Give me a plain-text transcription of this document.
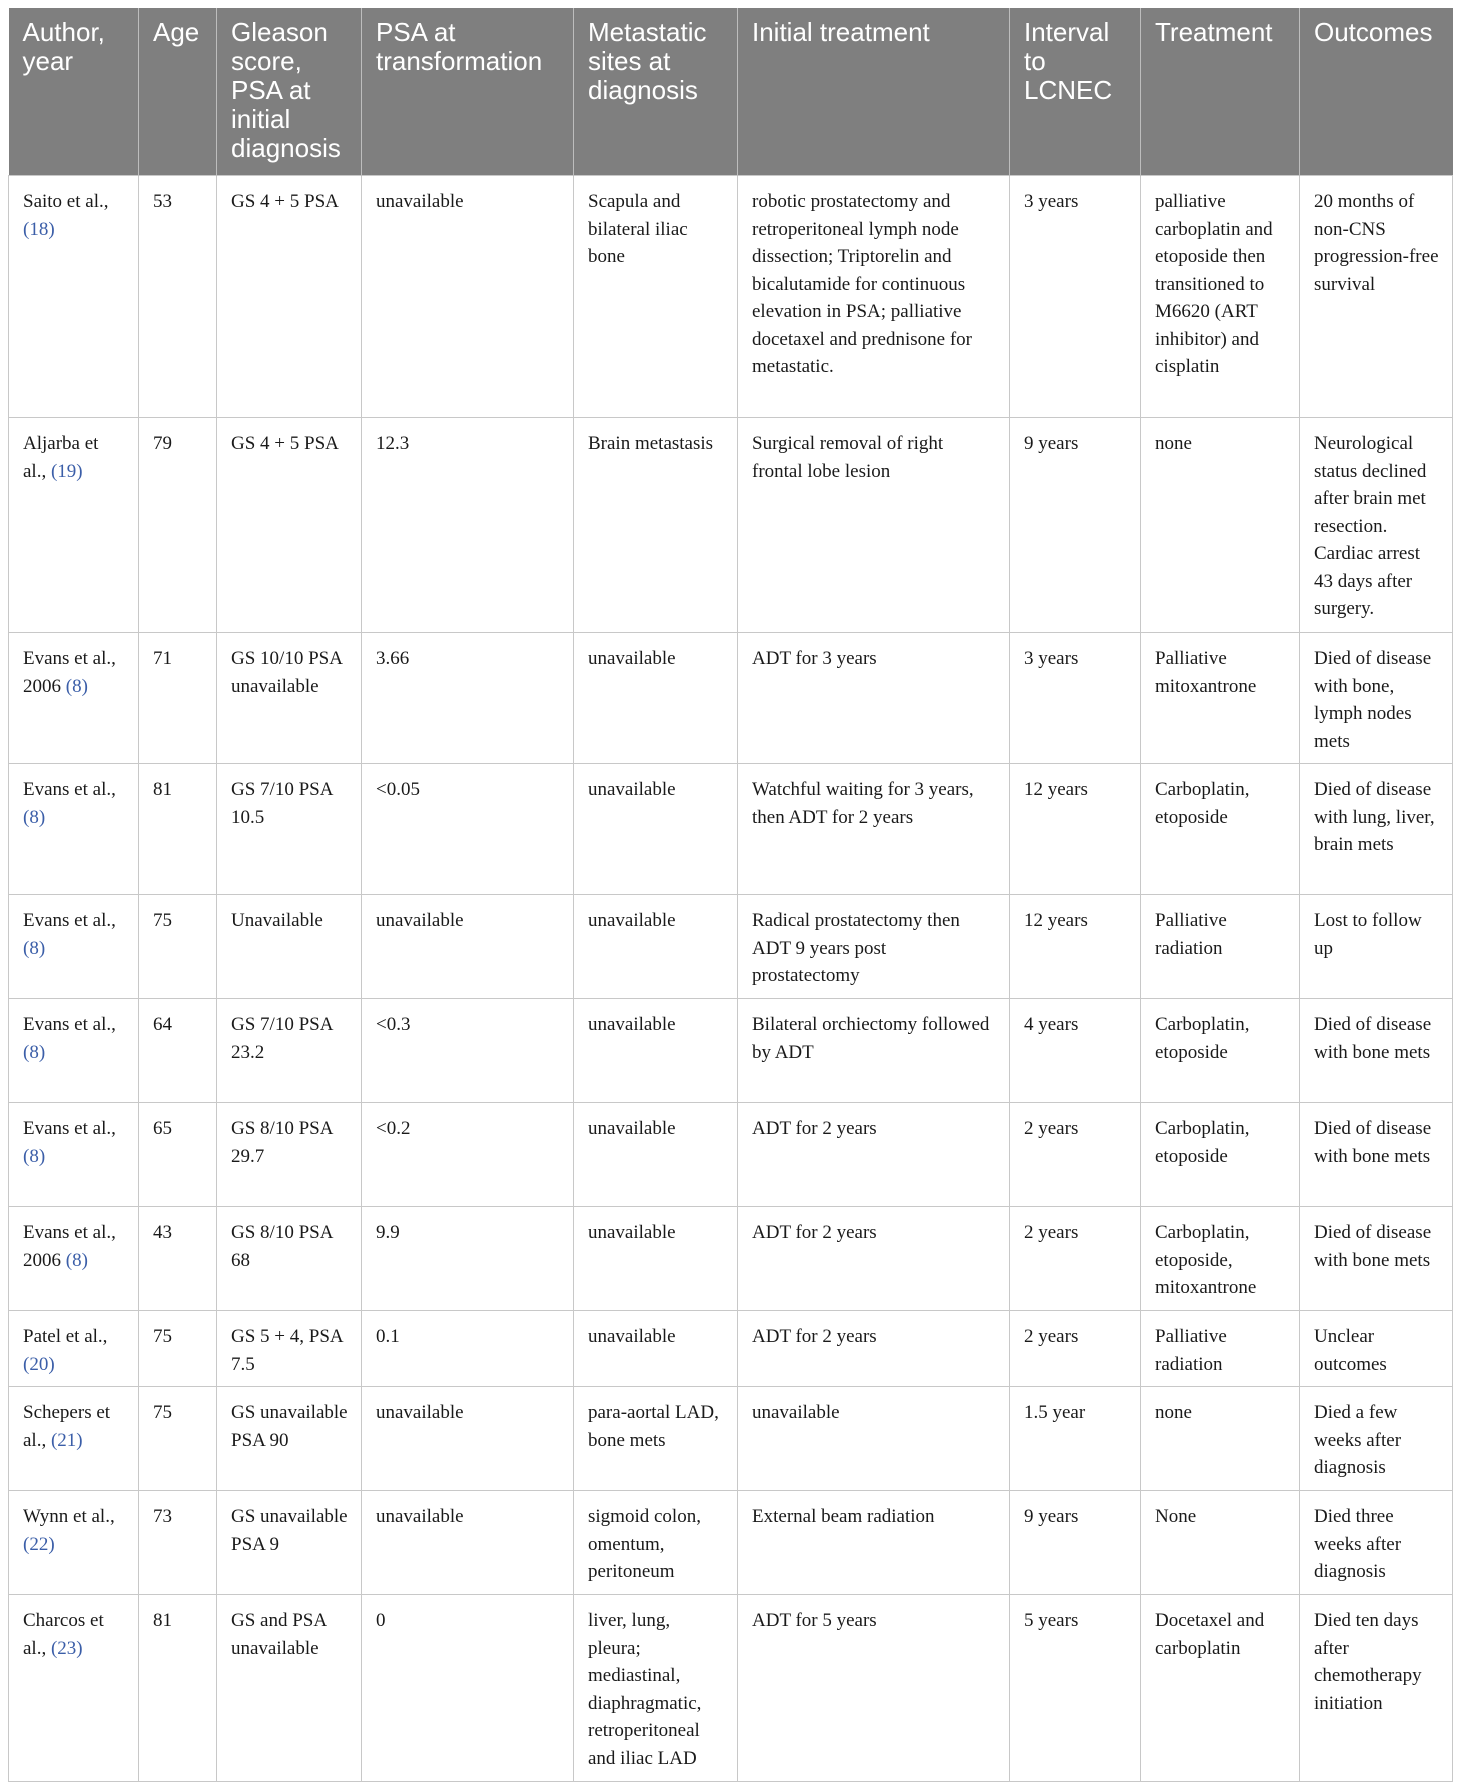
Author, year	Age	Gleason score, PSA at initial diagnosis	PSA at transformation	Metastatic sites at diagnosis	Initial treatment	Interval to LCNEC	Treatment	Outcomes
Saito et al., (18)	53	GS 4 + 5 PSA	unavailable	Scapula and bilateral iliac bone	robotic prostatectomy and retroperitoneal lymph node dissection; Triptorelin and bicalutamide for continuous elevation in PSA; palliative docetaxel and prednisone for metastatic.	3 years	palliative carboplatin and etoposide then transitioned to M6620 (ART inhibitor) and cisplatin	20 months of non-CNS progression-free survival
Aljarba et al., (19)	79	GS 4 + 5 PSA	12.3	Brain metastasis	Surgical removal of right frontal lobe lesion	9 years	none	Neurological status declined after brain met resection. Cardiac arrest 43 days after surgery.
Evans et al., 2006 (8)	71	GS 10/10 PSA unavailable	3.66	unavailable	ADT for 3 years	3 years	Palliative mitoxantrone	Died of disease with bone, lymph nodes mets
Evans et al., (8)	81	GS 7/10 PSA 10.5	<0.05	unavailable	Watchful waiting for 3 years, then ADT for 2 years	12 years	Carboplatin, etoposide	Died of disease with lung, liver, brain mets
Evans et al., (8)	75	Unavailable	unavailable	unavailable	Radical prostatectomy then ADT 9 years post prostatectomy	12 years	Palliative radiation	Lost to follow up
Evans et al., (8)	64	GS 7/10 PSA 23.2	<0.3	unavailable	Bilateral orchiectomy followed by ADT	4 years	Carboplatin, etoposide	Died of disease with bone mets
Evans et al., (8)	65	GS 8/10 PSA 29.7	<0.2	unavailable	ADT for 2 years	2 years	Carboplatin, etoposide	Died of disease with bone mets
Evans et al., 2006 (8)	43	GS 8/10 PSA 68	9.9	unavailable	ADT for 2 years	2 years	Carboplatin, etoposide, mitoxantrone	Died of disease with bone mets
Patel et al., (20)	75	GS 5 + 4, PSA 7.5	0.1	unavailable	ADT for 2 years	2 years	Palliative radiation	Unclear outcomes
Schepers et al., (21)	75	GS unavailable PSA 90	unavailable	para-aortal LAD, bone mets	unavailable	1.5 year	none	Died a few weeks after diagnosis
Wynn et al., (22)	73	GS unavailable PSA 9	unavailable	sigmoid colon, omentum, peritoneum	External beam radiation	9 years	None	Died three weeks after diagnosis
Charcos et al., (23)	81	GS and PSA unavailable	0	liver, lung, pleura; mediastinal, diaphragmatic, retroperitoneal and iliac LAD	ADT for 5 years	5 years	Docetaxel and carboplatin	Died ten days after chemotherapy initiation
